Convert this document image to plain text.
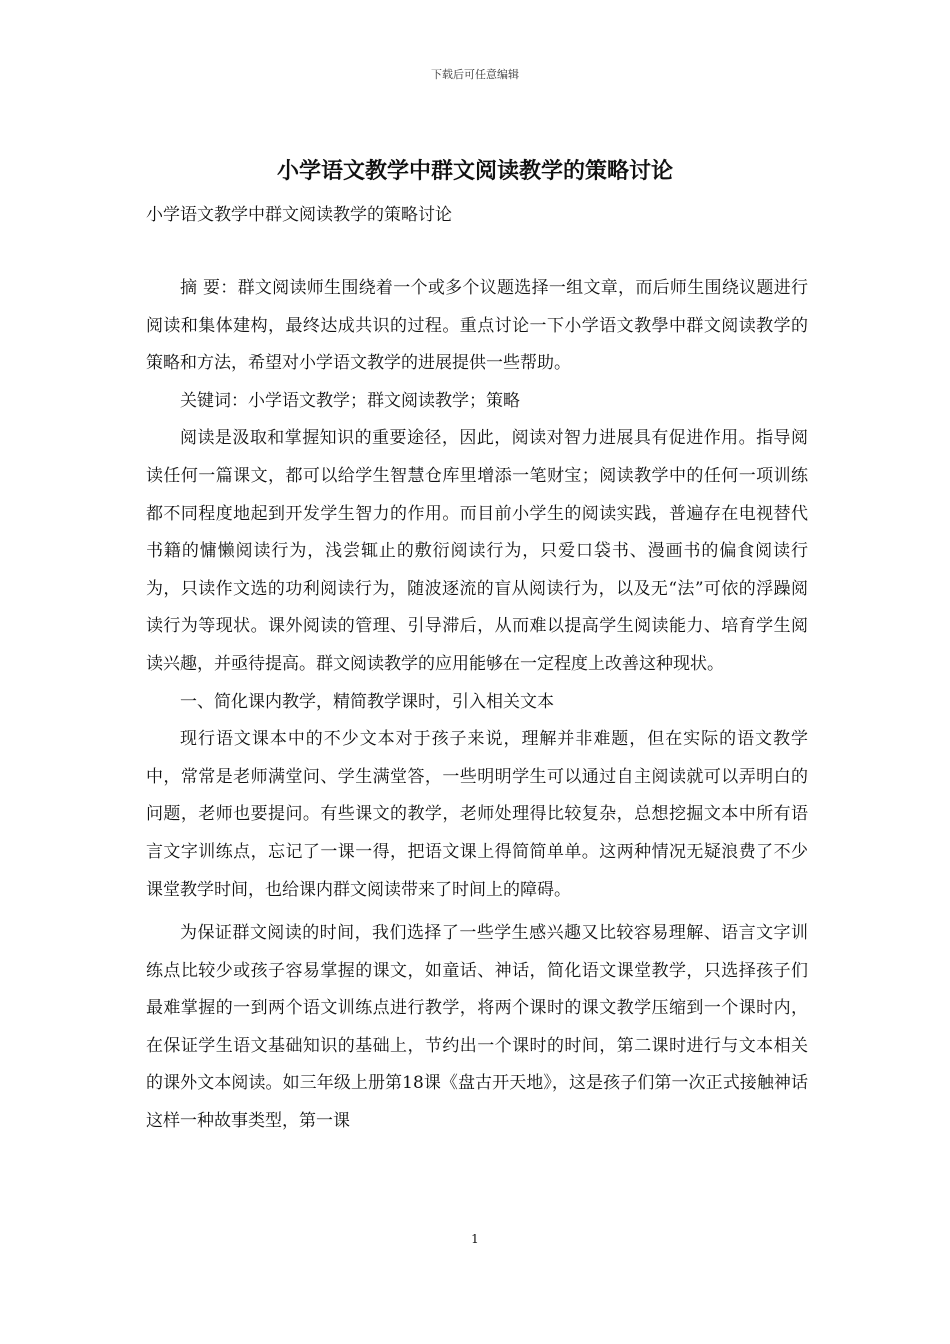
下载后可任意编辑
小学语文教学中群文阅读教学的策略讨论
小学语文教学中群文阅读教学的策略讨论

摘 要：群文阅读师生围绕着一个或多个议题选择一组文章，而后师生围绕议题进行阅读和集体建构，最终达成共识的过程。重点讨论一下小学语文教學中群文阅读教学的策略和方法，希望对小学语文教学的进展提供一些帮助。

关键词：小学语文教学；群文阅读教学；策略

阅读是汲取和掌握知识的重要途径，因此，阅读对智力进展具有促进作用。指导阅读任何一篇课文，都可以给学生智慧仓库里增添一笔财宝；阅读教学中的任何一项训练都不同程度地起到开发学生智力的作用。而目前小学生的阅读实践，普遍存在电视替代书籍的慵懒阅读行为，浅尝辄止的敷衍阅读行为，只爱口袋书、漫画书的偏食阅读行为，只读作文选的功利阅读行为，随波逐流的盲从阅读行为，以及无“法”可依的浮躁阅读行为等现状。课外阅读的管理、引导滞后，从而难以提高学生阅读能力、培育学生阅读兴趣，并亟待提高。群文阅读教学的应用能够在一定程度上改善这种现状。

一、简化课内教学，精简教学课时，引入相关文本

现行语文课本中的不少文本对于孩子来说，理解并非难题，但在实际的语文教学中，常常是老师满堂问、学生满堂答，一些明明学生可以通过自主阅读就可以弄明白的问题，老师也要提问。有些课文的教学，老师处理得比较复杂，总想挖掘文本中所有语言文字训练点，忘记了一课一得，把语文课上得简简单单。这两种情况无疑浪费了不少课堂教学时间，也给课内群文阅读带来了时间上的障碍。

为保证群文阅读的时间，我们选择了一些学生感兴趣又比较容易理解、语言文字训练点比较少或孩子容易掌握的课文，如童话、神话，简化语文课堂教学，只选择孩子们最难掌握的一到两个语文训练点进行教学，将两个课时的课文教学压缩到一个课时内，在保证学生语文基础知识的基础上，节约出一个课时的时间，第二课时进行与文本相关的课外文本阅读。如三年级上册第18课《盘古开天地》，这是孩子们第一次正式接触神话这样一种故事类型，第一课

1
